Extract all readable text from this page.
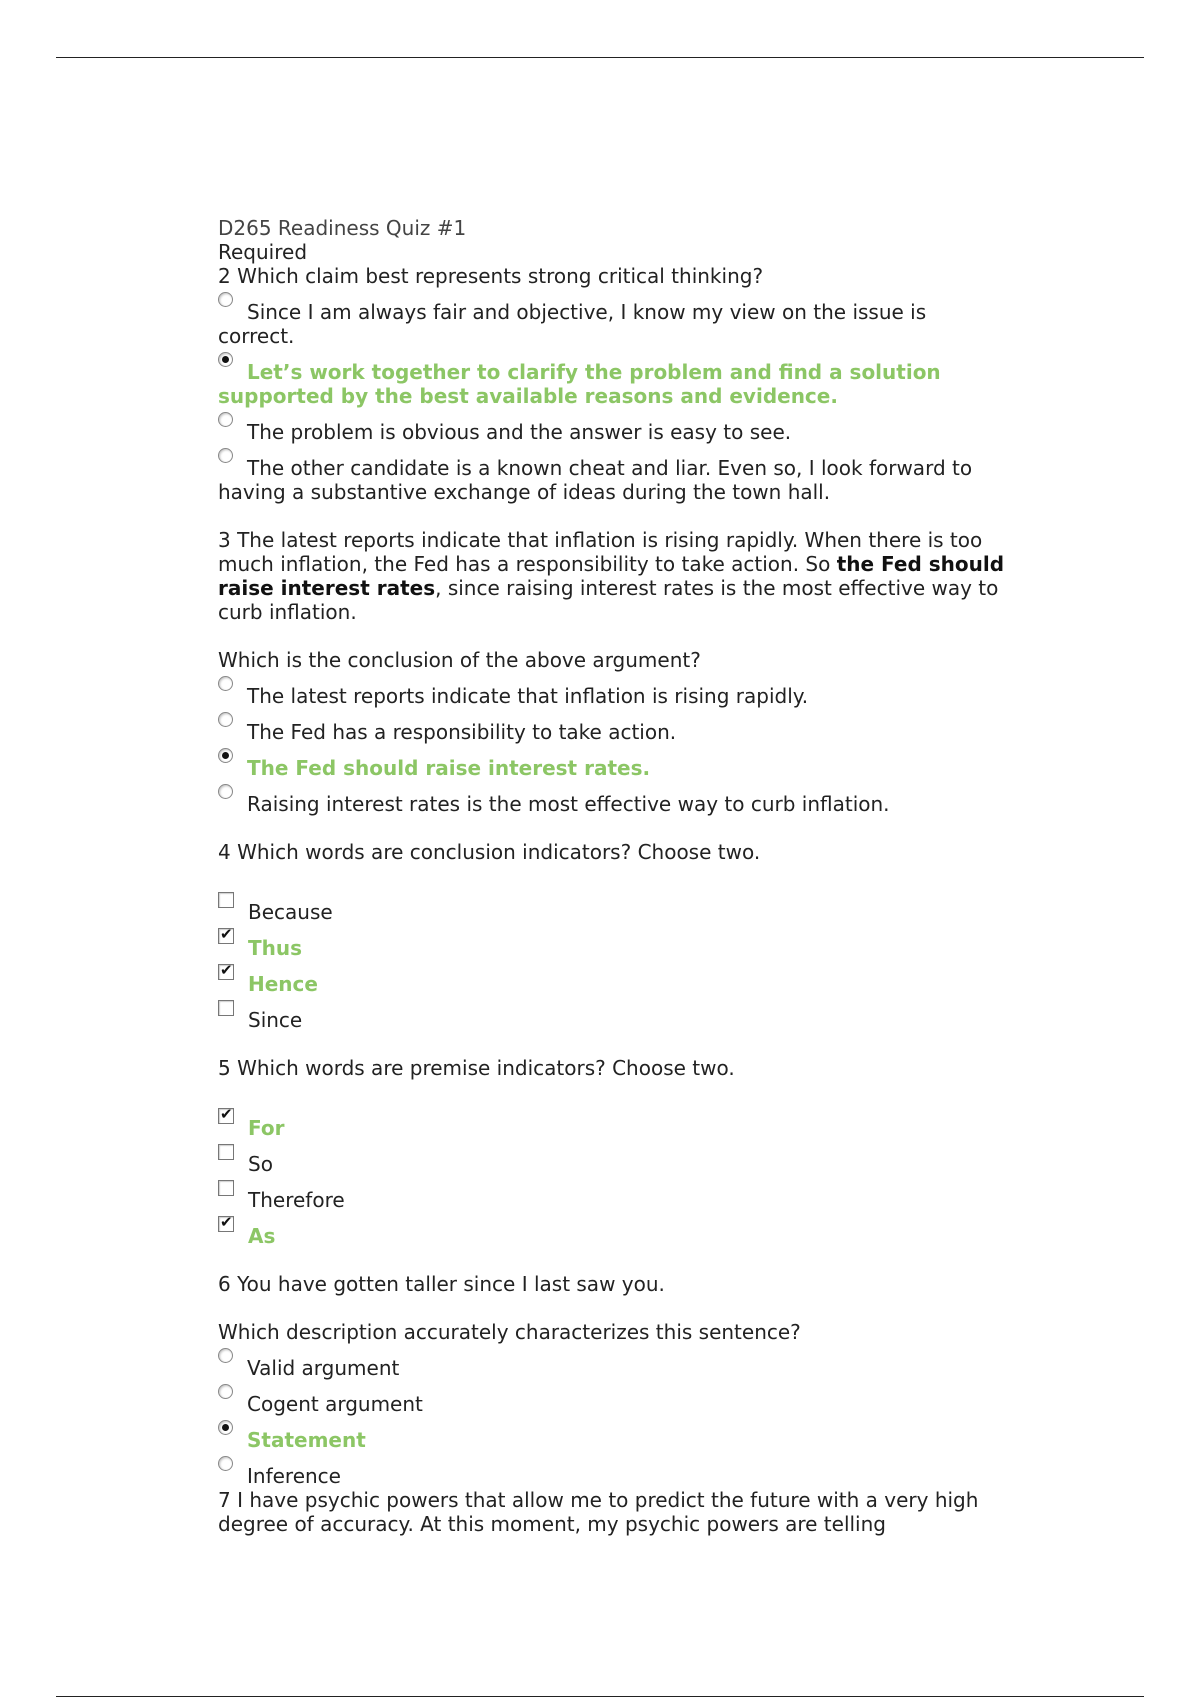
D265 Readiness Quiz #1
Required

2 Which claim best represents strong critical thinking?

Since I am always fair and objective, I know my view on the issue is correct.
Let’s work together to clarify the problem and find a solution supported by the best available reasons and evidence.
The problem is obvious and the answer is easy to see.
The other candidate is a known cheat and liar. Even so, I look forward to having a substantive exchange of ideas during the town hall.

3 The latest reports indicate that inflation is rising rapidly. When there is too much inflation, the Fed has a responsibility to take action. So the Fed should raise interest rates, since raising interest rates is the most effective way to curb inflation.

Which is the conclusion of the above argument?

The latest reports indicate that inflation is rising rapidly.
The Fed has a responsibility to take action.
The Fed should raise interest rates.
Raising interest rates is the most effective way to curb inflation.

4 Which words are conclusion indicators? Choose two.

Because
✔
Thus
✔
Hence
Since

5 Which words are premise indicators? Choose two.

✔
For
So
Therefore
✔
As

6 You have gotten taller since I last saw you.

Which description accurately characterizes this sentence?

Valid argument
Cogent argument
Statement
Inference

7 I have psychic powers that allow me to predict the future with a very high degree of accuracy. At this moment, my psychic powers are telling
